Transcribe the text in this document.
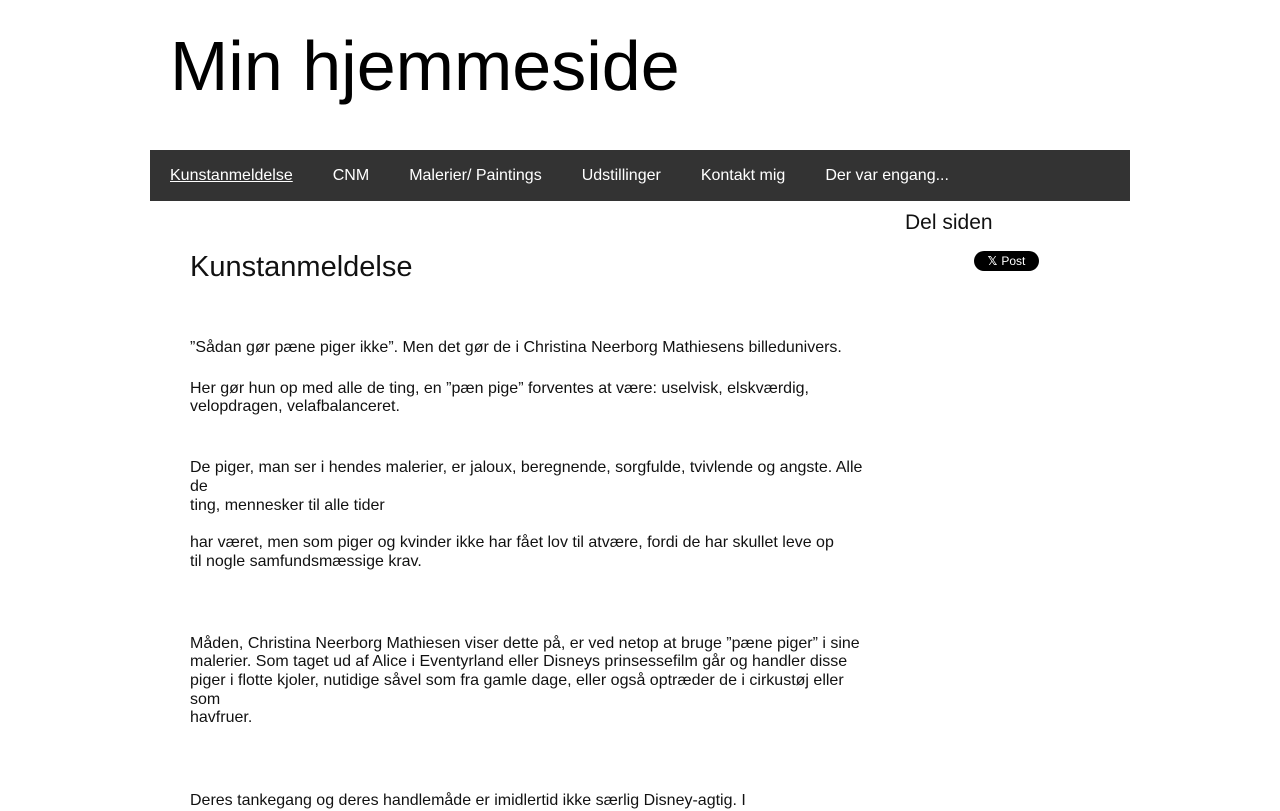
Min hjemmeside
Kunstanmeldelse	CNM	Malerier/ Paintings	Udstillinger	Kontakt mig	Der var engang...
Kunstanmeldelse

”Sådan gør pæne piger ikke”. Men det gør de i Christina Neerborg Mathiesens billedunivers.

Her gør hun op med alle de ting, en ”pæn pige” forventes at være: uselvisk, elskværdig,

velopdragen, velafbalanceret.

De piger, man ser i hendes malerier, er jaloux, beregnende, sorgfulde, tvivlende og angste. Alle de

ting, mennesker til alle tider

har været, men som piger og kvinder ikke har fået lov til atvære, fordi de har skullet leve op

til nogle samfundsmæssige krav.

Måden, Christina Neerborg Mathiesen viser dette på, er ved netop at bruge ”pæne piger” i sine

malerier. Som taget ud af Alice i Eventyrland eller Disneys prinsessefilm går og handler disse

piger i flotte kjoler, nutidige såvel som fra gamle dage, eller også optræder de i cirkustøj eller som

havfruer.

Deres tankegang og deres handlemåde er imidlertid ikke særlig Disney-agtig. I

Del siden
𝕏 Post
